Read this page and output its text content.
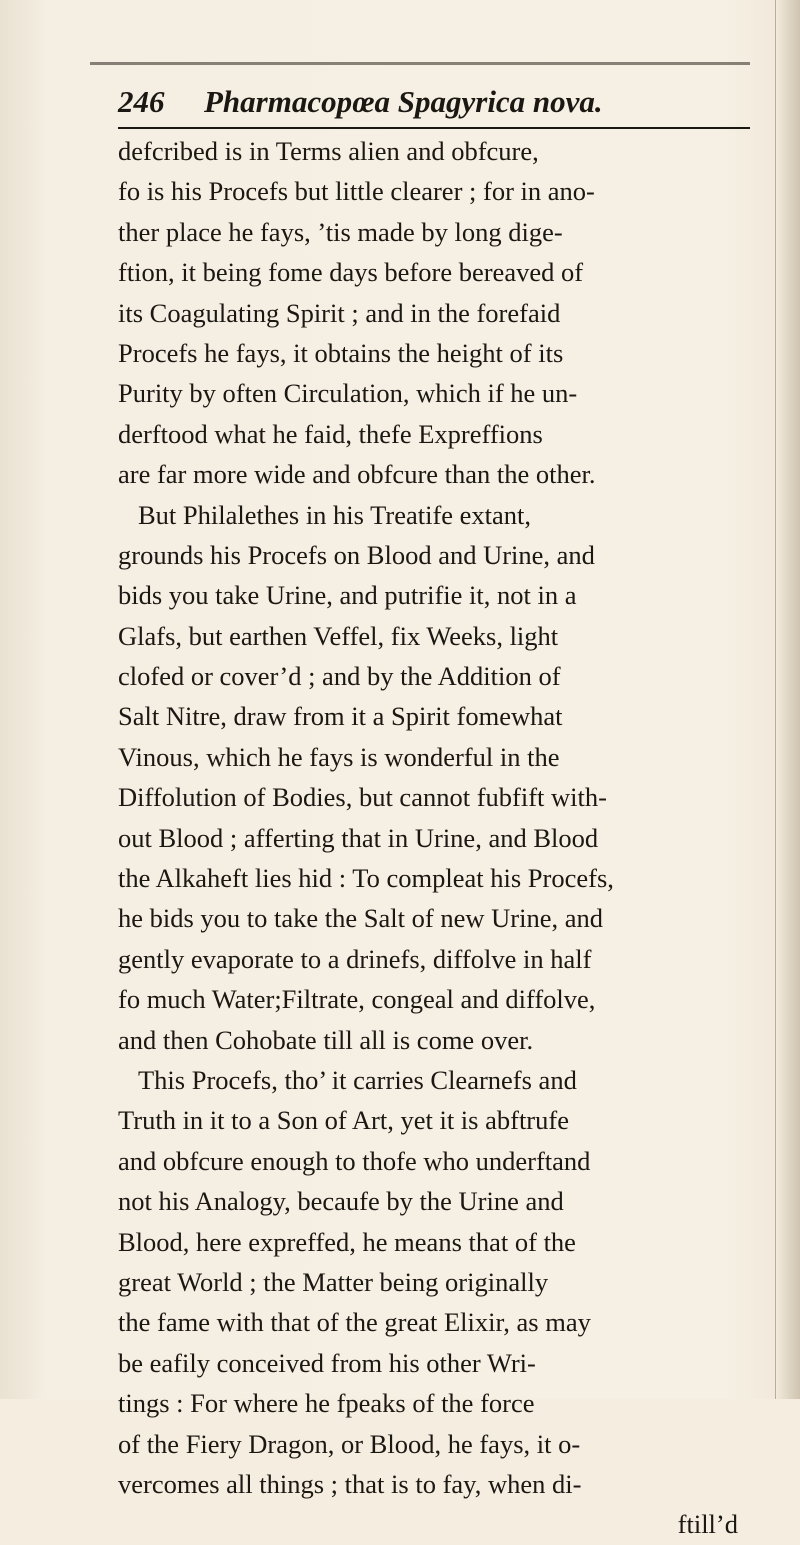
246 Pharmacopœa Spagyrica nova.
defcribed is in Terms alien and obfcure,
fo is his Procefs but little clearer ; for in ano-
ther place he fays, ’tis made by long dige-
ftion, it being fome days before bereaved of
its Coagulating Spirit ; and in the forefaid
Procefs he fays, it obtains the height of its
Purity by often Circulation, which if he un-
derftood what he faid, thefe Expreffions
are far more wide and obfcure than the other.
But Philalethes in his Treatife extant,
grounds his Procefs on Blood and Urine, and
bids you take Urine, and putrifie it, not in a
Glafs, but earthen Veffel, fix Weeks, light
clofed or cover’d ; and by the Addition of
Salt Nitre, draw from it a Spirit fomewhat
Vinous, which he fays is wonderful in the
Diffolution of Bodies, but cannot fubfift with-
out Blood ; afferting that in Urine, and Blood
the Alkaheft lies hid : To compleat his Procefs,
he bids you to take the Salt of new Urine, and
gently evaporate to a drinefs, diffolve in half
fo much Water;Filtrate, congeal and diffolve,
and then Cohobate till all is come over.
This Procefs, tho’ it carries Clearnefs and
Truth in it to a Son of Art, yet it is abftrufe
and obfcure enough to thofe who underftand
not his Analogy, becaufe by the Urine and
Blood, here expreffed, he means that of the
great World ; the Matter being originally
the fame with that of the great Elixir, as may
be eafily conceived from his other Wri-
tings : For where he fpeaks of the force
of the Fiery Dragon, or Blood, he fays, it o-
vercomes all things ; that is to fay, when di-
ftill’d
